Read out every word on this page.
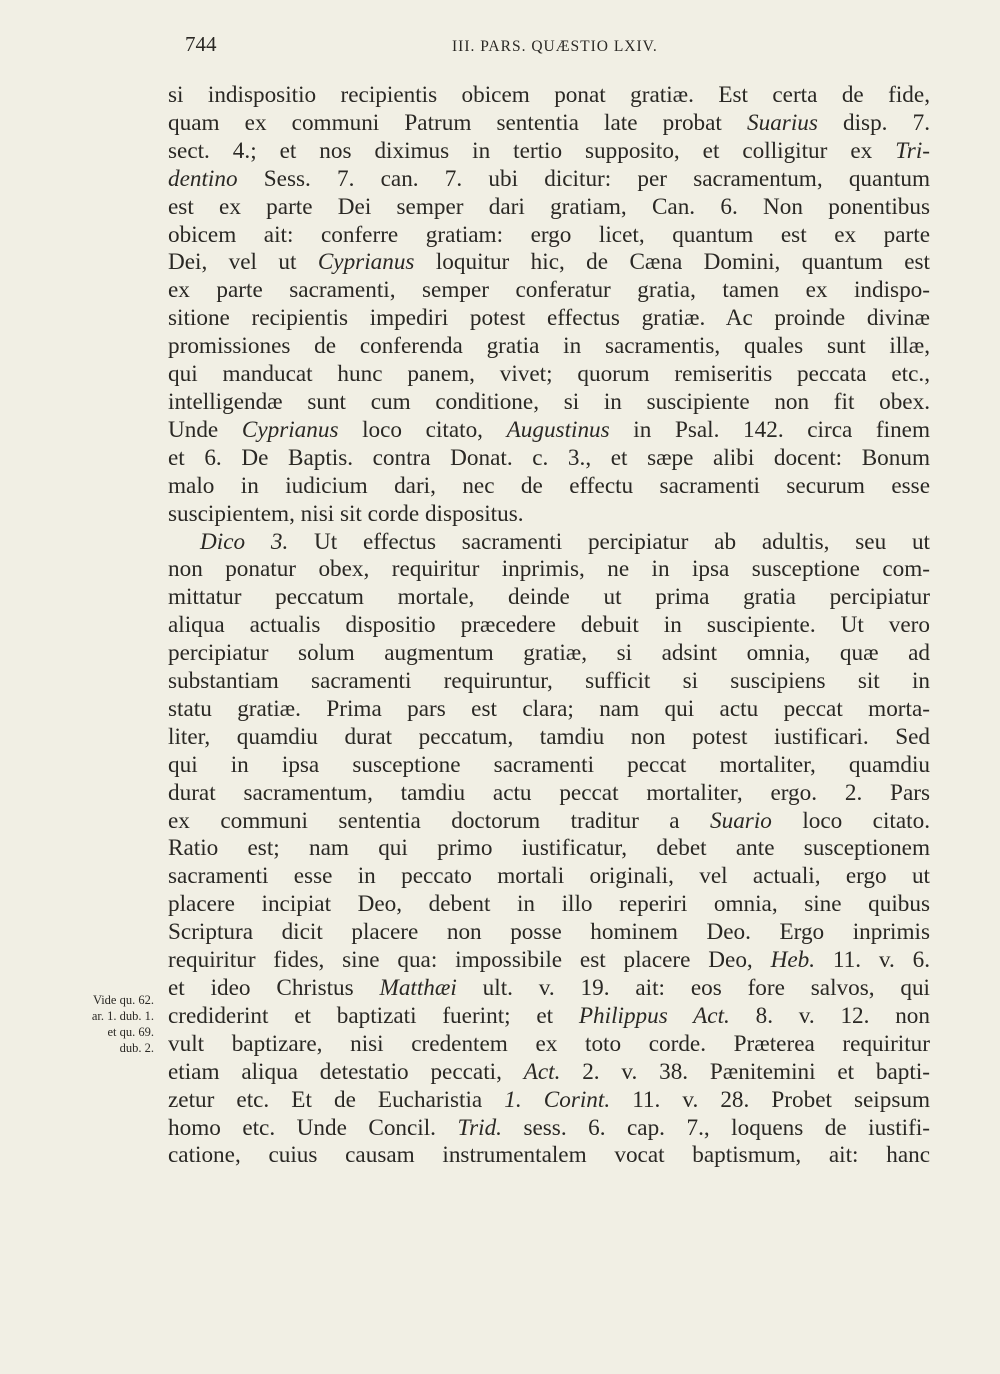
744	III. PARS. QUÆSTIO LXIV.
Vide qu. 62.
ar. 1. dub. 1.
et qu. 69.
dub. 2.
si indispositio recipientis obicem ponat gratiæ. Est certa de fide,
quam ex communi Patrum sententia late probat Suarius disp. 7.
sect. 4.; et nos diximus in tertio supposito, et colligitur ex Tri-
dentino Sess. 7. can. 7. ubi dicitur: per sacramentum, quantum
est ex parte Dei semper dari gratiam, Can. 6. Non ponentibus
obicem ait: conferre gratiam: ergo licet, quantum est ex parte
Dei, vel ut Cyprianus loquitur hic, de Cæna Domini, quantum est
ex parte sacramenti, semper conferatur gratia, tamen ex indispo-
sitione recipientis impediri potest effectus gratiæ. Ac proinde divinæ
promissiones de conferenda gratia in sacramentis, quales sunt illæ,
qui manducat hunc panem, vivet; quorum remiseritis peccata etc.,
intelligendæ sunt cum conditione, si in suscipiente non fit obex.
Unde Cyprianus loco citato, Augustinus in Psal. 142. circa finem
et 6. De Baptis. contra Donat. c. 3., et sæpe alibi docent: Bonum
malo in iudicium dari, nec de effectu sacramenti securum esse
suscipientem, nisi sit corde dispositus.
Dico 3. Ut effectus sacramenti percipiatur ab adultis, seu ut
non ponatur obex, requiritur inprimis, ne in ipsa susceptione com-
mittatur peccatum mortale, deinde ut prima gratia percipiatur
aliqua actualis dispositio præcedere debuit in suscipiente. Ut vero
percipiatur solum augmentum gratiæ, si adsint omnia, quæ ad
substantiam sacramenti requiruntur, sufficit si suscipiens sit in
statu gratiæ. Prima pars est clara; nam qui actu peccat morta-
liter, quamdiu durat peccatum, tamdiu non potest iustificari. Sed
qui in ipsa susceptione sacramenti peccat mortaliter, quamdiu
durat sacramentum, tamdiu actu peccat mortaliter, ergo. 2. Pars
ex communi sententia doctorum traditur a Suario loco citato.
Ratio est; nam qui primo iustificatur, debet ante susceptionem
sacramenti esse in peccato mortali originali, vel actuali, ergo ut
placere incipiat Deo, debent in illo reperiri omnia, sine quibus
Scriptura dicit placere non posse hominem Deo. Ergo inprimis
requiritur fides, sine qua: impossibile est placere Deo, Heb. 11. v. 6.
et ideo Christus Matthæi ult. v. 19. ait: eos fore salvos, qui
crediderint et baptizati fuerint; et Philippus Act. 8. v. 12. non
vult baptizare, nisi credentem ex toto corde. Præterea requiritur
etiam aliqua detestatio peccati, Act. 2. v. 38. Pænitemini et bapti-
zetur etc. Et de Eucharistia 1. Corint. 11. v. 28. Probet seipsum
homo etc. Unde Concil. Trid. sess. 6. cap. 7., loquens de iustifi-
catione, cuius causam instrumentalem vocat baptismum, ait: hanc
